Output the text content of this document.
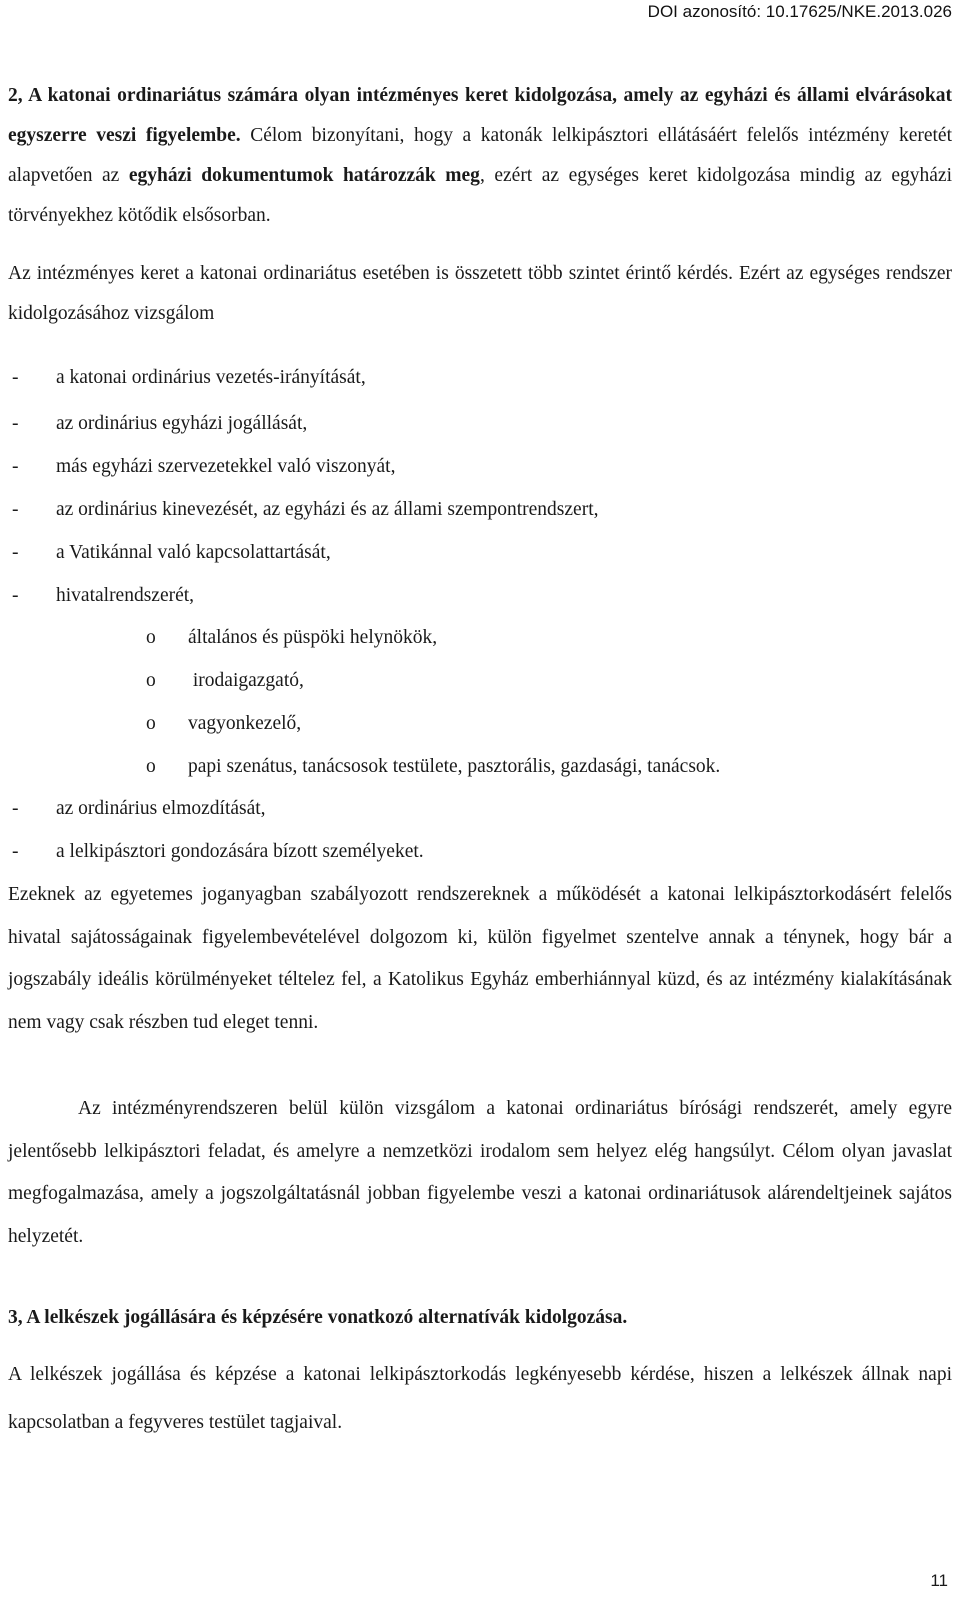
DOI azonosító: 10.17625/NKE.2013.026

2, A katonai ordinariátus számára olyan intézményes keret kidolgozása, amely az egyházi és állami elvárásokat egyszerre veszi figyelembe. Célom bizonyítani, hogy a katonák lelkipásztori ellátásáért felelős intézmény keretét alapvetően az egyházi dokumentumok határozzák meg, ezért az egységes keret kidolgozása mindig az egyházi törvényekhez kötődik elsősorban.

Az intézményes keret a katonai ordinariátus esetében is összetett több szintet érintő kérdés. Ezért az egységes rendszer kidolgozásához vizsgálom

- a katonai ordinárius vezetés-irányítását,
- az ordinárius egyházi jogállását,
- más egyházi szervezetekkel való viszonyát,
- az ordinárius kinevezését, az egyházi és az állami szempontrendszert,
- a Vatikánnal való kapcsolattartását,
- hivatalrendszerét,
o általános és püspöki helynökök,
o irodaigazgató,
o vagyonkezelő,
o papi szenátus, tanácsosok testülete, pasztorális, gazdasági, tanácsok.
- az ordinárius elmozdítását,
- a lelkipásztori gondozására bízott személyeket.

Ezeknek az egyetemes joganyagban szabályozott rendszereknek a működését a katonai lelkipásztorkodásért felelős hivatal sajátosságainak figyelembevételével dolgozom ki, külön figyelmet szentelve annak a ténynek, hogy bár a jogszabály ideális körülményeket téltelez fel, a Katolikus Egyház emberhiánnyal küzd, és az intézmény kialakításának nem vagy csak részben tud eleget tenni.

Az intézményrendszeren belül külön vizsgálom a katonai ordinariátus bírósági rendszerét, amely egyre jelentősebb lelkipásztori feladat, és amelyre a nemzetközi irodalom sem helyez elég hangsúlyt. Célom olyan javaslat megfogalmazása, amely a jogszolgáltatásnál jobban figyelembe veszi a katonai ordinariátusok alárendeltjeinek sajátos helyzetét.

3, A lelkészek jogállására és képzésére vonatkozó alternatívák kidolgozása.

A lelkészek jogállása és képzése a katonai lelkipásztorkodás legkényesebb kérdése, hiszen a lelkészek állnak napi kapcsolatban a fegyveres testület tagjaival.

11
